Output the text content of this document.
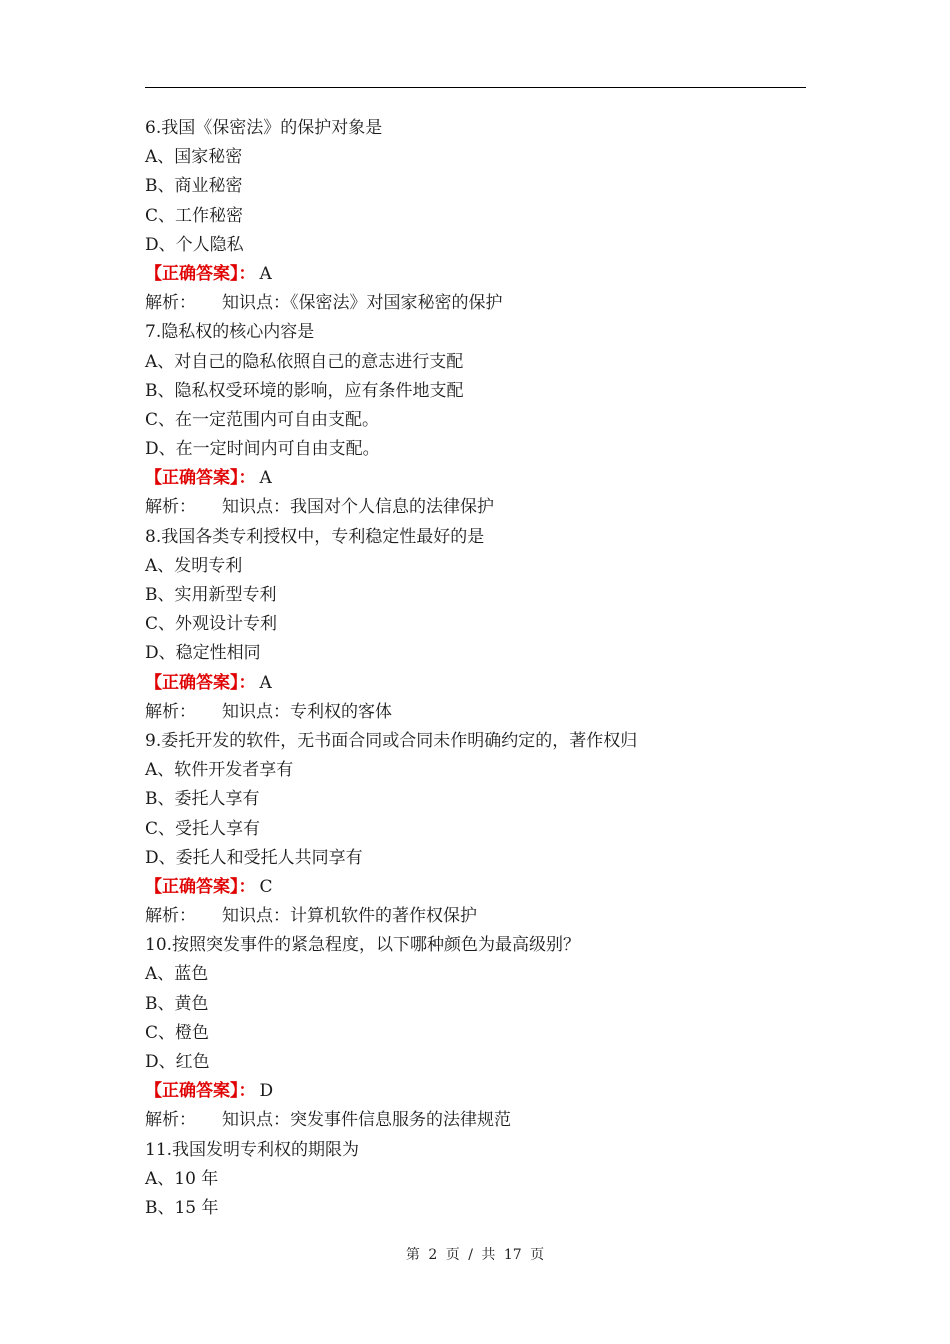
6.我国《保密法》的保护对象是
A、国家秘密
B、商业秘密
C、工作秘密
D、个人隐私
【正确答案】： A
解析： 知识点：《保密法》对国家秘密的保护
7.隐私权的核心内容是
A、对自己的隐私依照自己的意志进行支配
B、隐私权受环境的影响，应有条件地支配
C、在一定范围内可自由支配。
D、在一定时间内可自由支配。
【正确答案】： A
解析： 知识点：我国对个人信息的法律保护
8.我国各类专利授权中，专利稳定性最好的是
A、发明专利
B、实用新型专利
C、外观设计专利
D、稳定性相同
【正确答案】： A
解析： 知识点：专利权的客体
9.委托开发的软件，无书面合同或合同未作明确约定的，著作权归
A、软件开发者享有
B、委托人享有
C、受托人享有
D、委托人和受托人共同享有
【正确答案】： C
解析： 知识点：计算机软件的著作权保护
10.按照突发事件的紧急程度，以下哪种颜色为最高级别？
A、蓝色
B、黄色
C、橙色
D、红色
【正确答案】： D
解析： 知识点：突发事件信息服务的法律规范
11.我国发明专利权的期限为
A、10 年
B、15 年
第 2 页 / 共 17 页
